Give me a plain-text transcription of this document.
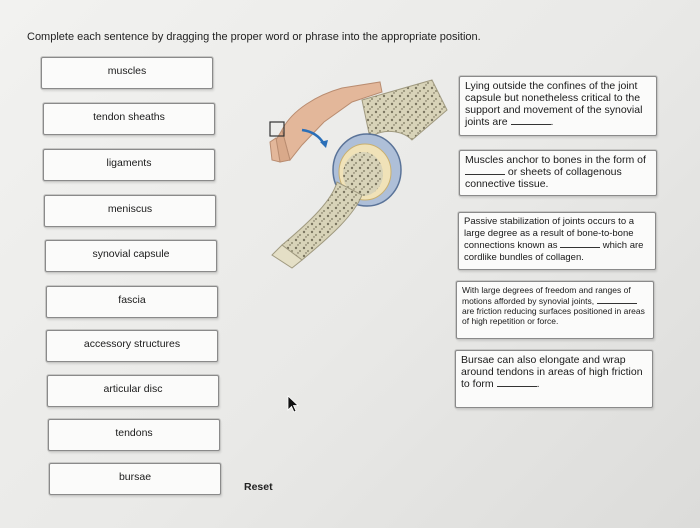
Complete each sentence by dragging the proper word or phrase into the appropriate position.
muscles
tendon sheaths
ligaments
meniscus
synovial capsule
fascia
accessory structures
articular disc
tendons
bursae
Lying outside the confines of the joint capsule but nonetheless critical to the support and movement of the synovial joints are	.
Muscles anchor to bones in the form of  or sheets of collagenous connective tissue.
Passive stabilization of joints occurs to a large degree as a result of bone-to-bone connections known as	which are cordlike bundles of collagen.
With large degrees of freedom and ranges of motions afforded by synovial joints,  are friction reducing surfaces positioned in areas of high repetition or force.
Bursae can also elongate and wrap around tendons in areas of high friction to form	.
Reset
